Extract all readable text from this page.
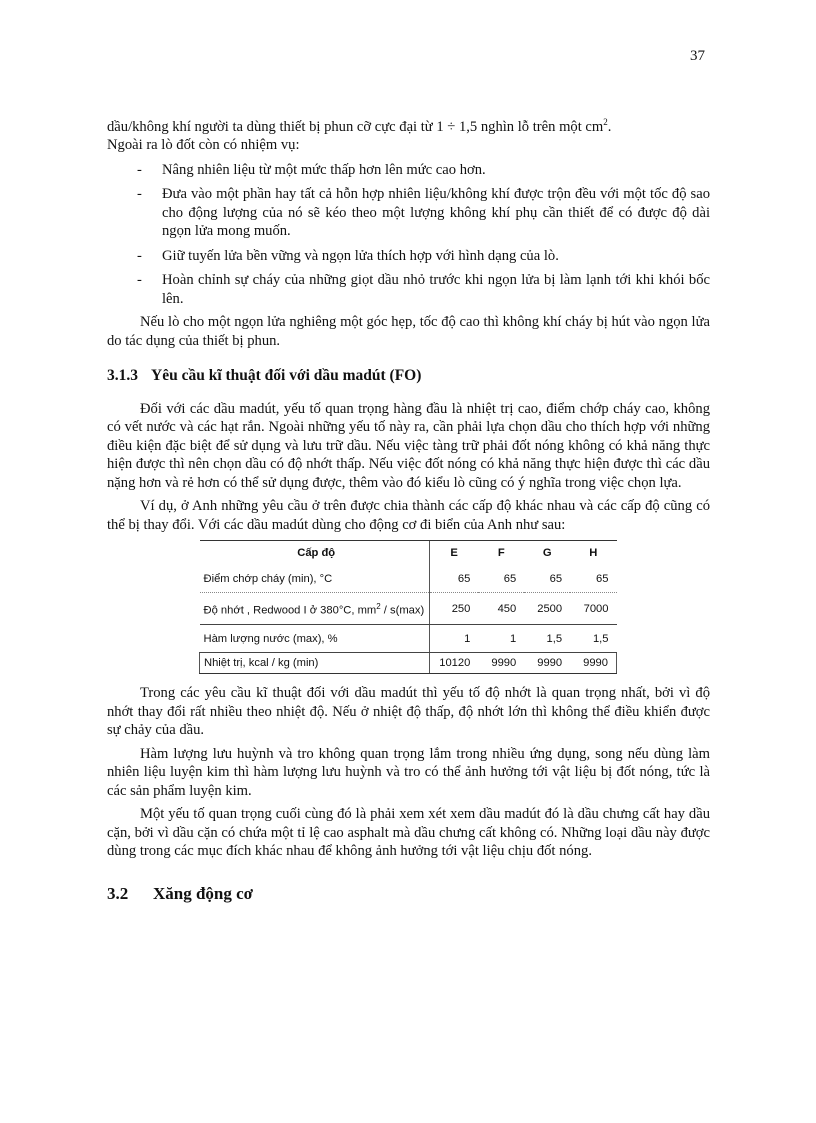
37

dầu/không khí người ta dùng thiết bị phun cỡ cực đại từ 1 ÷ 1,5 nghìn lỗ trên một $cm^2$.
Ngoài ra lò đốt còn có nhiệm vụ:

- Nâng nhiên liệu từ một mức thấp hơn lên mức cao hơn.
- Đưa vào một phần hay tất cả hỗn hợp nhiên liệu/không khí được trộn đều với một tốc độ sao cho động lượng của nó sẽ kéo theo một lượng không khí phụ cần thiết để có được độ dài ngọn lửa mong muốn.
- Giữ tuyến lửa bền vững và ngọn lửa thích hợp với hình dạng của lò.
- Hoàn chỉnh sự cháy của những giọt dầu nhỏ trước khi ngọn lửa bị làm lạnh tới khi khói bốc lên.

Nếu lò cho một ngọn lửa nghiêng một góc hẹp, tốc độ cao thì không khí cháy bị hút vào ngọn lửa do tác dụng của thiết bị phun.

3.1.3 Yêu cầu kĩ thuật đối với dầu madút (FO)

Đối với các dầu madút, yếu tố quan trọng hàng đầu là nhiệt trị cao, điểm chớp cháy cao, không có vết nước và các hạt rắn. Ngoài những yếu tố này ra, cần phải lựa chọn dầu cho thích hợp với những điều kiện đặc biệt để sử dụng và lưu trữ dầu. Nếu việc tàng trữ phải đốt nóng không có khả năng thực hiện được thì nên chọn dầu có độ nhớt thấp. Nếu việc đốt nóng có khả năng thực hiện được thì các dầu nặng hơn và rẻ hơn có thể sử dụng được, thêm vào đó kiểu lò cũng có ý nghĩa trong việc chọn lựa.

Ví dụ, ở Anh những yêu cầu ở trên được chia thành các cấp độ khác nhau và các cấp độ cũng có thể bị thay đổi. Với các dầu madút dùng cho động cơ đi biển của Anh như sau:

Cấp độ	E	F	G	H
Điểm chớp cháy (min), °C	65	65	65	65
Độ nhớt , Redwood I ở 380°C, $mm^2 / s(\max)$	250	450	2500	7000
Hàm lượng nước (max), %	1	1	1,5	1,5
Nhiệt trị, kcal / kg (min)	10120	9990	9990	9990

Trong các yêu cầu kĩ thuật đối với dầu madút thì yếu tố độ nhớt là quan trọng nhất, bởi vì độ nhớt thay đổi rất nhiều theo nhiệt độ. Nếu ở nhiệt độ thấp, độ nhớt lớn thì không thể điều khiển được sự chảy của dầu.

Hàm lượng lưu huỳnh và tro không quan trọng lắm trong nhiều ứng dụng, song nếu dùng làm nhiên liệu luyện kim thì hàm lượng lưu huỳnh và tro có thể ảnh hưởng tới vật liệu bị đốt nóng, tức là các sản phẩm luyện kim.

Một yếu tố quan trọng cuối cùng đó là phải xem xét xem dầu madút đó là dầu chưng cất hay dầu cặn, bởi vì dầu cặn có chứa một tỉ lệ cao asphalt mà dầu chưng cất không có. Những loại dầu này được dùng trong các mục đích khác nhau để không ảnh hưởng tới vật liệu chịu đốt nóng.

3.2 Xăng động cơ
